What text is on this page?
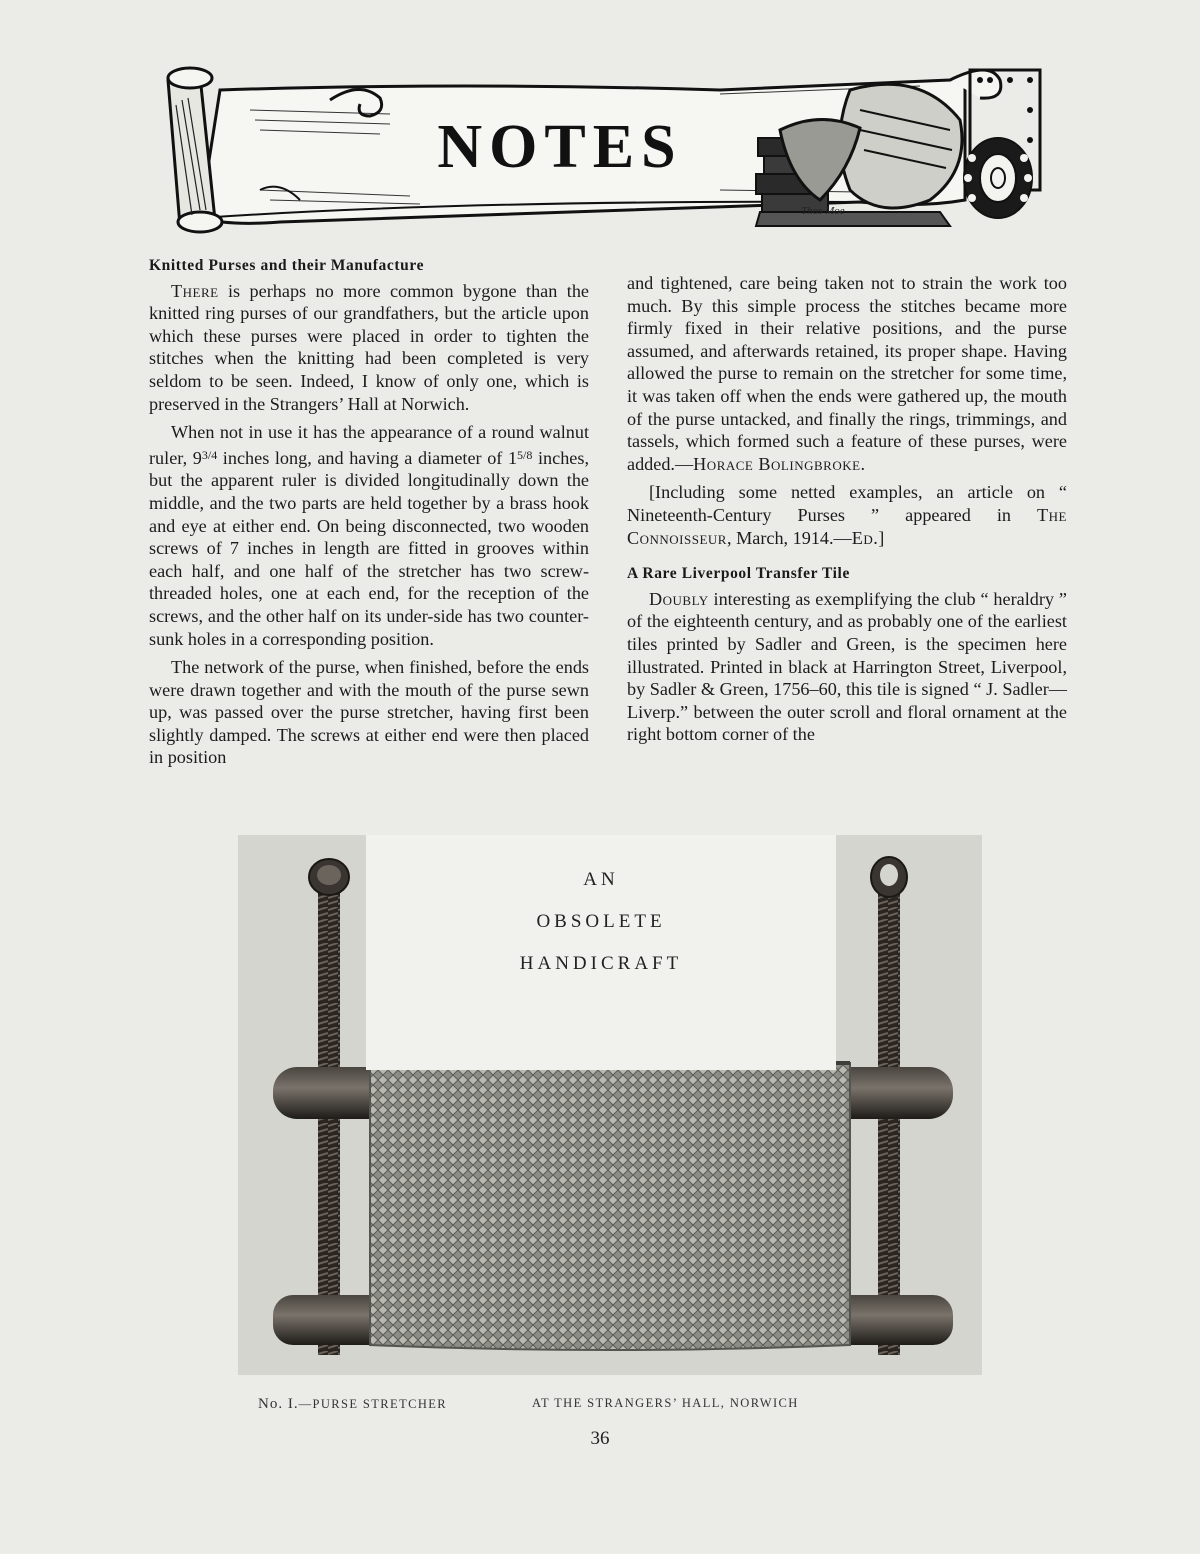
NOTES
Thos Moe
Knitted Purses and their Manufacture

There is perhaps no more common bygone than the knitted ring purses of our grandfathers, but the article upon which these purses were placed in order to tighten the stitches when the knitting had been completed is very seldom to be seen. Indeed, I know of only one, which is preserved in the Strangers’ Hall at Norwich.

When not in use it has the appearance of a round walnut ruler, $9^{3/4}$ inches long, and having a diameter of $1^{5/8}$ inches, but the apparent ruler is divided longitudinally down the middle, and the two parts are held together by a brass hook and eye at either end. On being disconnected, two wooden screws of 7 inches in length are fitted in grooves within each half, and one half of the stretcher has two screw-threaded holes, one at each end, for the reception of the screws, and the other half on its under-side has two counter-sunk holes in a corresponding position.

The network of the purse, when finished, before the ends were drawn together and with the mouth of the purse sewn up, was passed over the purse stretcher, having first been slightly damped. The screws at either end were then placed in position

and tightened, care being taken not to strain the work too much. By this simple process the stitches became more firmly fixed in their relative positions, and the purse assumed, and afterwards retained, its proper shape. Having allowed the purse to remain on the stretcher for some time, it was taken off when the ends were gathered up, the mouth of the purse untacked, and finally the rings, trimmings, and tassels, which formed such a feature of these purses, were added.—Horace Bolingbroke.

[Including some netted examples, an article on “ Nineteenth-Century Purses ” appeared in The Connoisseur, March, 1914.—Ed.]

A Rare Liverpool Transfer Tile

Doubly interesting as exemplifying the club “ heraldry ” of the eighteenth century, and as probably one of the earliest tiles printed by Sadler and Green, is the specimen here illustrated. Printed in black at Harrington Street, Liverpool, by Sadler & Green, 1756–60, this tile is signed “ J. Sadler—Liverp.” between the outer scroll and floral ornament at the right bottom corner of the

AN
OBSOLETE
HANDICRAFT
No. I.—PURSE STRETCHER	AT THE STRANGERS’ HALL, NORWICH
36
